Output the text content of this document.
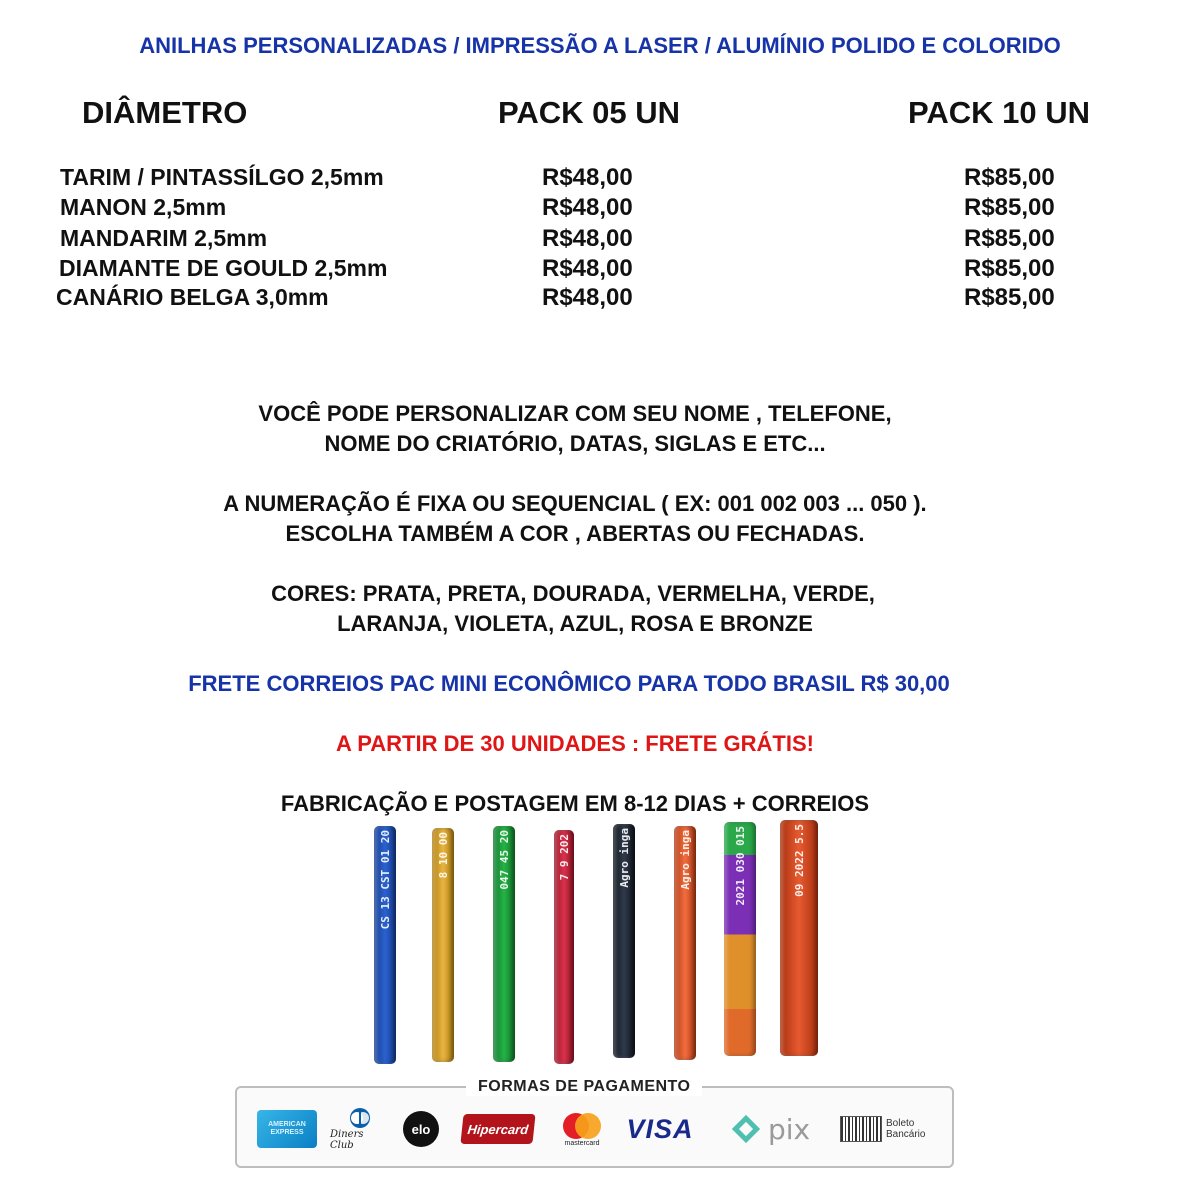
ANILHAS PERSONALIZADAS / IMPRESSÃO A LASER / ALUMÍNIO POLIDO E COLORIDO
DIÂMETRO	PACK 05 UN	PACK 10 UN
TARIM / PINTASSÍLGO 2,5mm	R$48,00	R$85,00
MANON 2,5mm	R$48,00	R$85,00
MANDARIM 2,5mm	R$48,00	R$85,00
DIAMANTE DE GOULD 2,5mm	R$48,00	R$85,00
CANÁRIO BELGA 3,0mm	R$48,00	R$85,00
VOCÊ PODE PERSONALIZAR COM SEU NOME , TELEFONE,
NOME DO CRIATÓRIO, DATAS, SIGLAS E ETC...
A NUMERAÇÃO É FIXA OU SEQUENCIAL ( EX: 001 002 003 ... 050 ).
ESCOLHA TAMBÉM A COR , ABERTAS OU FECHADAS.
CORES: PRATA, PRETA, DOURADA, VERMELHA, VERDE,
LARANJA, VIOLETA, AZUL, ROSA E BRONZE
FRETE CORREIOS PAC MINI ECONÔMICO PARA TODO BRASIL R$ 30,00
A PARTIR DE 30 UNIDADES : FRETE GRÁTIS!
FABRICAÇÃO E POSTAGEM EM 8-12 DIAS + CORREIOS
CS 13 CST 01 20	8 10 00	047 45 20	7 9 202	Agro inga	Agro inga	2021 030 015	09 2022 5.5
FORMAS DE PAGAMENTO
AMERICAN EXPRESS	Diners Club
elo	Hipercard
mastercard VISA	pix	Boleto Bancário
